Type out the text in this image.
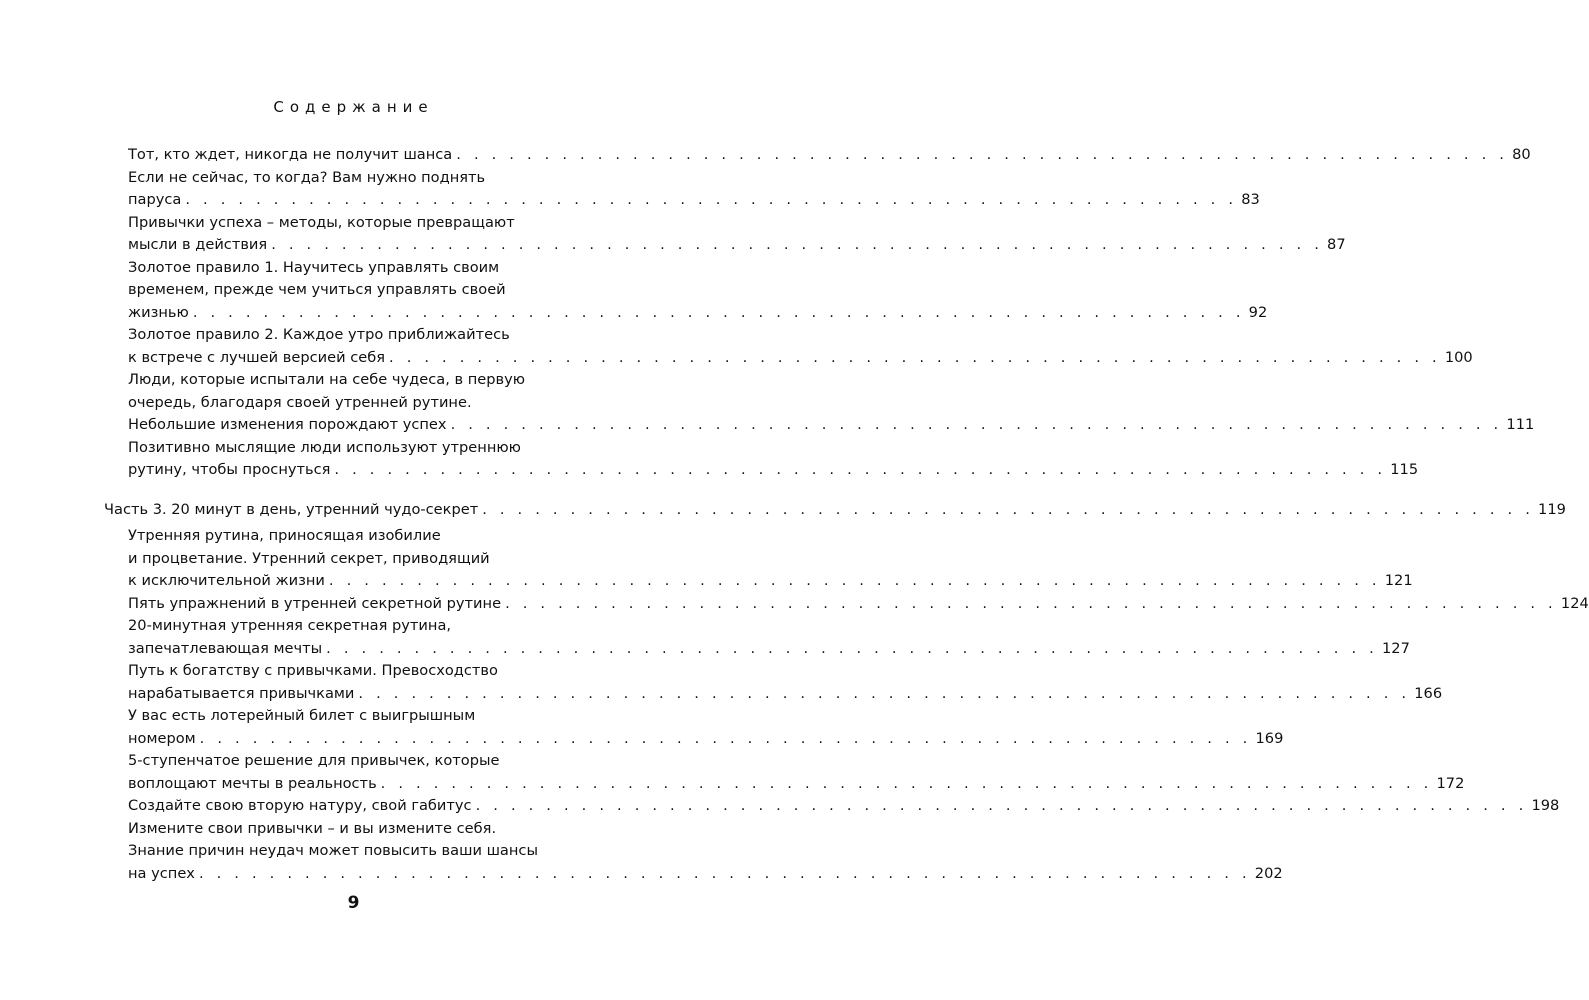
Содержание
Тот, кто ждет, никогда не получит шанса . . . . . . . . . . . . . . . . . . . . . . . . . . . . . . . . . . . . . . . . . . . . . . . . . . . . . . . . . . . . 80
Если не сейчас, то когда? Вам нужно поднять
паруса . . . . . . . . . . . . . . . . . . . . . . . . . . . . . . . . . . . . . . . . . . . . . . . . . . . . . . . . . . . . 83
Привычки успеха – методы, которые превращают
мысли в действия . . . . . . . . . . . . . . . . . . . . . . . . . . . . . . . . . . . . . . . . . . . . . . . . . . . . . . . . . . . . 87
Золотое правило 1. Научитесь управлять своим
временем, прежде чем учиться управлять своей
жизнью . . . . . . . . . . . . . . . . . . . . . . . . . . . . . . . . . . . . . . . . . . . . . . . . . . . . . . . . . . . . 92
Золотое правило 2. Каждое утро приближайтесь
к встрече с лучшей версией себя . . . . . . . . . . . . . . . . . . . . . . . . . . . . . . . . . . . . . . . . . . . . . . . . . . . . . . . . . . . . 100
Люди, которые испытали на себе чудеса, в первую
очередь, благодаря своей утренней рутине.
Небольшие изменения порождают успех . . . . . . . . . . . . . . . . . . . . . . . . . . . . . . . . . . . . . . . . . . . . . . . . . . . . . . . . . . . . 111
Позитивно мыслящие люди используют утреннюю
рутину, чтобы проснуться . . . . . . . . . . . . . . . . . . . . . . . . . . . . . . . . . . . . . . . . . . . . . . . . . . . . . . . . . . . . 115
Часть 3. 20 минут в день, утренний чудо-секрет . . . . . . . . . . . . . . . . . . . . . . . . . . . . . . . . . . . . . . . . . . . . . . . . . . . . . . . . . . . . 119
Утренняя рутина, приносящая изобилие
и процветание. Утренний секрет, приводящий
к исключительной жизни . . . . . . . . . . . . . . . . . . . . . . . . . . . . . . . . . . . . . . . . . . . . . . . . . . . . . . . . . . . . 121
Пять упражнений в утренней секретной рутине . . . . . . . . . . . . . . . . . . . . . . . . . . . . . . . . . . . . . . . . . . . . . . . . . . . . . . . . . . . . 124
20-минутная утренняя секретная рутина,
запечатлевающая мечты . . . . . . . . . . . . . . . . . . . . . . . . . . . . . . . . . . . . . . . . . . . . . . . . . . . . . . . . . . . . 127
Путь к богатству с привычками. Превосходство
нарабатывается привычками . . . . . . . . . . . . . . . . . . . . . . . . . . . . . . . . . . . . . . . . . . . . . . . . . . . . . . . . . . . . 166
У вас есть лотерейный билет с выигрышным
номером . . . . . . . . . . . . . . . . . . . . . . . . . . . . . . . . . . . . . . . . . . . . . . . . . . . . . . . . . . . . 169
5-ступенчатое решение для привычек, которые
воплощают мечты в реальность . . . . . . . . . . . . . . . . . . . . . . . . . . . . . . . . . . . . . . . . . . . . . . . . . . . . . . . . . . . . 172
Создайте свою вторую натуру, свой габитус . . . . . . . . . . . . . . . . . . . . . . . . . . . . . . . . . . . . . . . . . . . . . . . . . . . . . . . . . . . . 198
Измените свои привычки – и вы измените себя.
Знание причин неудач может повысить ваши шансы
на успех . . . . . . . . . . . . . . . . . . . . . . . . . . . . . . . . . . . . . . . . . . . . . . . . . . . . . . . . . . . . 202
9
